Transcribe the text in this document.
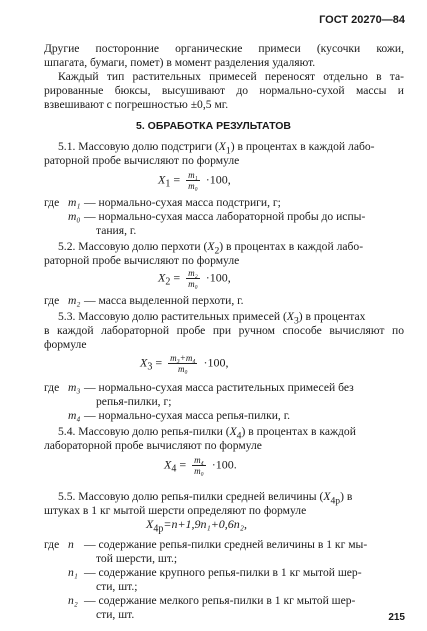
ГОСТ 20270—84
Другие посторонние органические примеси (кусочки кожи,
шпагата, бумаги, помет) в момент разделения удаляют.
Каждый тип растительных примесей переносят отдельно в та-
рированные бюксы, высушивают до нормально-сухой массы и
взвешивают с погрешностью ±0,5 мг.
5. ОБРАБОТКА РЕЗУЛЬТАТОВ
5.1. Массовую долю подстриги $(X_1)$ в процентах в каждой лабо-
раторной пробе вычисляют по формуле
$X_1 = \frac{\text{m₁}}{\text{m₀}} \cdot 100$,
где m₁ — нормально-сухая масса подстриги, г;
m₀ — нормально-сухая масса лабораторной пробы до испы-
тания, г.
5.2. Массовую долю перхоти $(X_2)$ в процентах в каждой лабо-
раторной пробе вычисляют по формуле
$X_2 = \frac{\text{m₂}}{\text{m₀}} \cdot 100$,
где m₂ — масса выделенной перхоти, г.
5.3. Массовую долю растительных примесей $(X_3)$ в процентах
в каждой лабораторной пробе при ручном способе вычисляют по
формуле
$X_3 = \frac{\text{m₃+m₄}}{\text{m₀}} \cdot 100$,
где m₃ — нормально-сухая масса растительных примесей без
репья-пилки, г;
m₄ — нормально-сухая масса репья-пилки, г.
5.4. Массовую долю репья-пилки $(X_4)$ в процентах в каждой
лабораторной пробе вычисляют по формуле
$X_4 = \frac{\text{m₄}}{\text{m₀}} \cdot 100$.
5.5. Массовую долю репья-пилки средней величины $(X_{4p})$ в
штуках в 1 кг мытой шерсти определяют по формуле
$X_{4p}=n+1,9n_1+0,6n_2$,
где n — содержание репья-пилки средней величины в 1 кг мы-
той шерсти, шт.;
n₁ — содержание крупного репья-пилки в 1 кг мытой шер-
сти, шт.;
n₂ — содержание мелкого репья-пилки в 1 кг мытой шер-
сти, шт.	215
